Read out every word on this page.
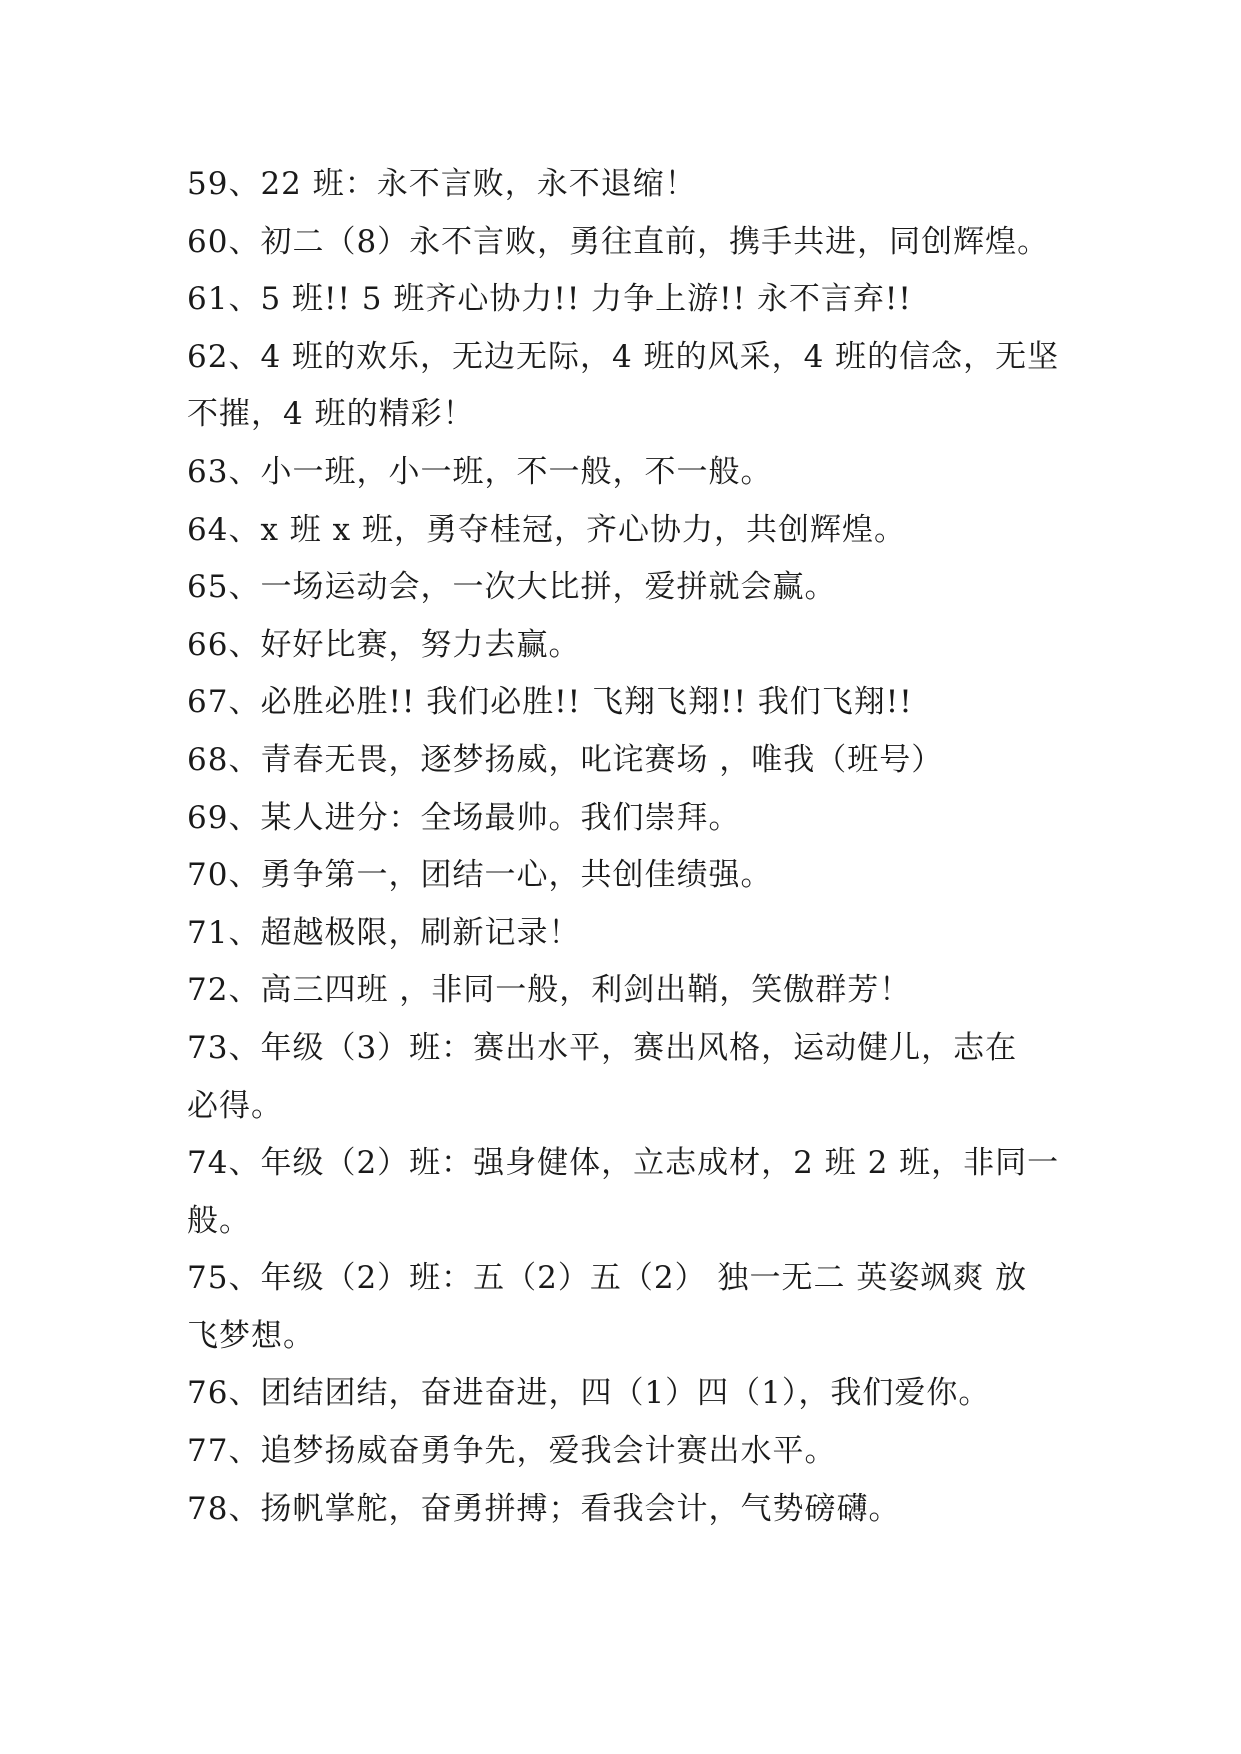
59、22 班：永不言败，永不退缩！
60、初二（8）永不言败，勇往直前，携手共进，同创辉煌。
61、5 班!! 5 班齐心协力!! 力争上游!! 永不言弃!!
62、4 班的欢乐，无边无际，4 班的风采，4 班的信念，无坚
不摧，4 班的精彩！
63、小一班，小一班，不一般，不一般。
64、x 班 x 班，勇夺桂冠，齐心协力，共创辉煌。
65、一场运动会，一次大比拼，爱拼就会赢。
66、好好比赛，努力去赢。
67、必胜必胜!! 我们必胜!! 飞翔飞翔!! 我们飞翔!!
68、青春无畏，逐梦扬威，叱诧赛场 ，唯我（班号）
69、某人进分：全场最帅。我们崇拜。
70、勇争第一，团结一心，共创佳绩强。
71、超越极限，刷新记录！
72、高三四班 ，非同一般，利剑出鞘，笑傲群芳！
73、年级（3）班：赛出水平，赛出风格，运动健儿，志在
必得。
74、年级（2）班：强身健体，立志成材，2 班 2 班，非同一
般。
75、年级（2）班：五（2）五（2） 独一无二 英姿飒爽 放
飞梦想。
76、团结团结，奋进奋进，四（1）四（1），我们爱你。
77、追梦扬威奋勇争先，爱我会计赛出水平。
78、扬帆掌舵，奋勇拼搏；看我会计，气势磅礴。
